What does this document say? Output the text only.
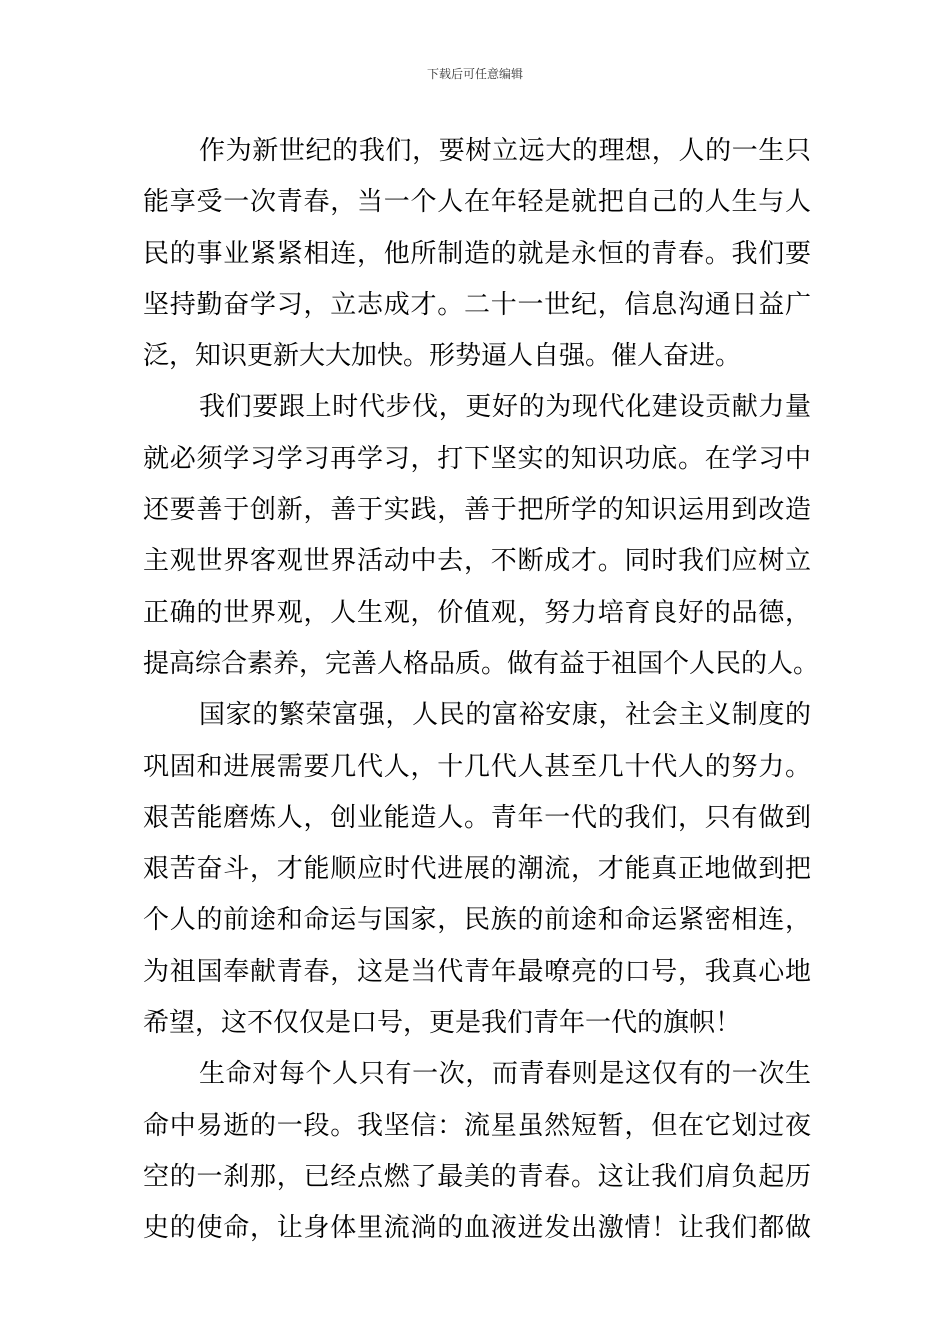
下载后可任意编辑
作为新世纪的我们，要树立远大的理想，人的一生只
能享受一次青春，当一个人在年轻是就把自己的人生与人
民的事业紧紧相连，他所制造的就是永恒的青春。我们要
坚持勤奋学习，立志成才。二十一世纪，信息沟通日益广
泛，知识更新大大加快。形势逼人自强。催人奋进。
我们要跟上时代步伐，更好的为现代化建设贡献力量
就必须学习学习再学习，打下坚实的知识功底。在学习中
还要善于创新，善于实践，善于把所学的知识运用到改造
主观世界客观世界活动中去，不断成才。同时我们应树立
正确的世界观，人生观，价值观，努力培育良好的品德，
提高综合素养，完善人格品质。做有益于祖国个人民的人。
国家的繁荣富强，人民的富裕安康，社会主义制度的
巩固和进展需要几代人，十几代人甚至几十代人的努力。
艰苦能磨炼人，创业能造人。青年一代的我们，只有做到
艰苦奋斗，才能顺应时代进展的潮流，才能真正地做到把
个人的前途和命运与国家，民族的前途和命运紧密相连，
为祖国奉献青春，这是当代青年最嘹亮的口号，我真心地
希望，这不仅仅是口号，更是我们青年一代的旗帜！
生命对每个人只有一次，而青春则是这仅有的一次生
命中易逝的一段。我坚信：流星虽然短暂，但在它划过夜
空的一刹那，已经点燃了最美的青春。这让我们肩负起历
史的使命，让身体里流淌的血液迸发出激情！让我们都做
